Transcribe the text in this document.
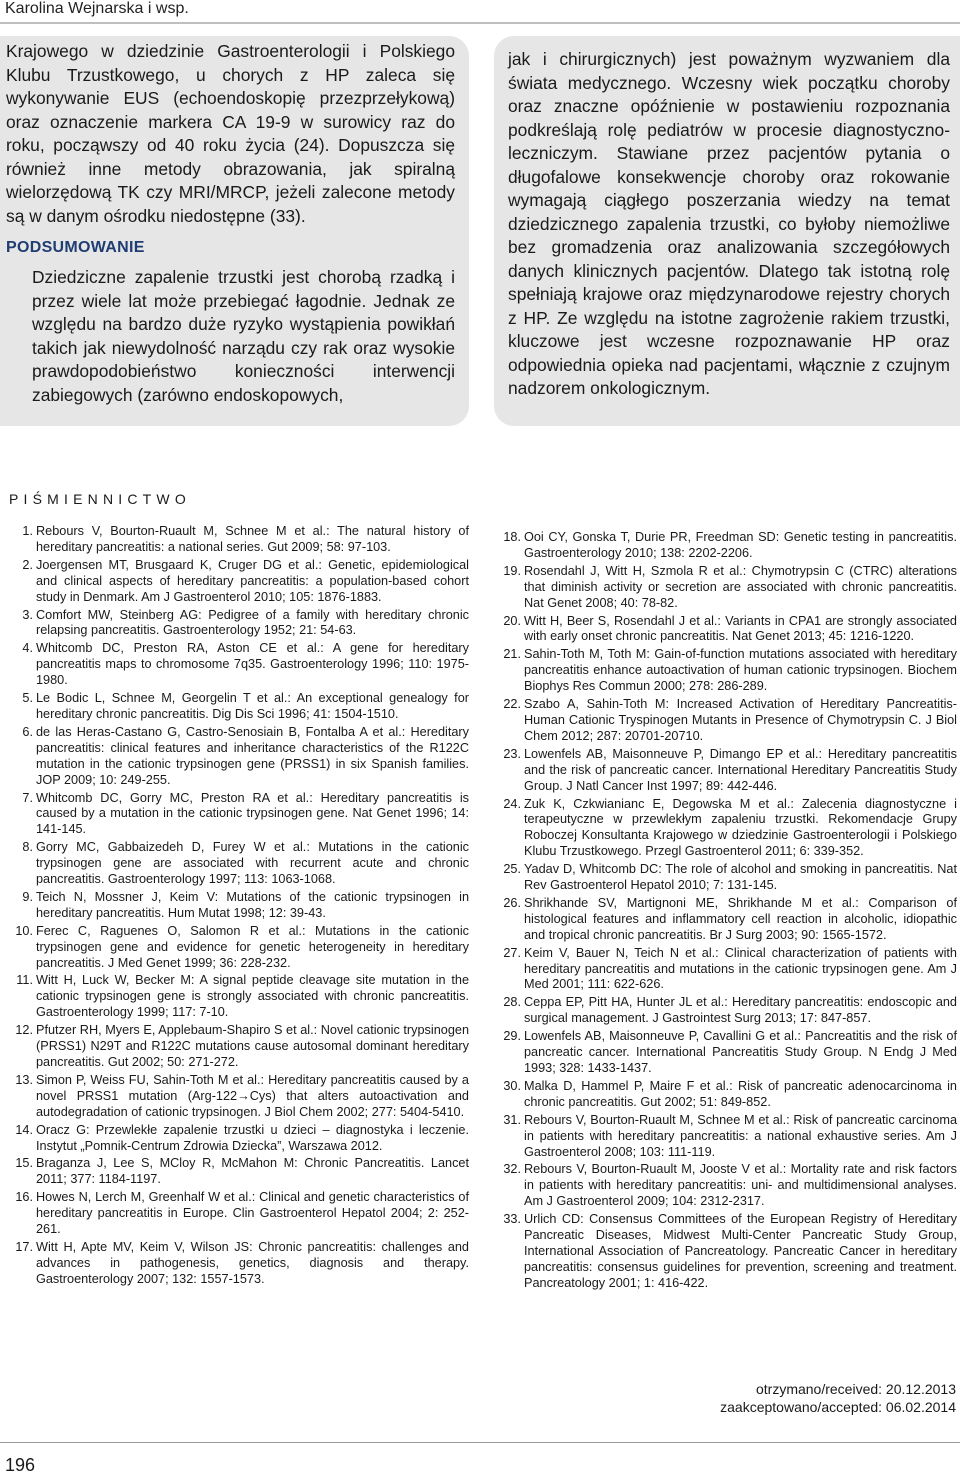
Karolina Wejnarska i wsp.

Krajowego w dziedzinie Gastroenterologii i Polskiego Klubu Trzustkowego, u chorych z HP zaleca się wykonywanie EUS (echoendoskopię przezprzełykową) oraz oznaczenie markera CA 19-9 w surowicy raz do roku, począwszy od 40 roku życia (24). Dopuszcza się również inne metody obrazowania, jak spiralną wielorzędową TK czy MRI/MRCP, jeżeli zalecone metody są w danym ośrodku niedostępne (33).

PODSUMOWANIE

Dziedziczne zapalenie trzustki jest chorobą rzadką i przez wiele lat może przebiegać łagodnie. Jednak ze względu na bardzo duże ryzyko wystąpienia powikłań takich jak niewydolność narządu czy rak oraz wysokie prawdopodobieństwo konieczności interwencji zabiegowych (zarówno endoskopowych,

jak i chirurgicznych) jest poważnym wyzwaniem dla świata medycznego. Wczesny wiek początku choroby oraz znaczne opóźnienie w postawieniu rozpoznania podkreślają rolę pediatrów w procesie diagnostyczno-leczniczym. Stawiane przez pacjentów pytania o długofalowe konsekwencje choroby oraz rokowanie wymagają ciągłego poszerzania wiedzy na temat dziedzicznego zapalenia trzustki, co byłoby niemożliwe bez gromadzenia oraz analizowania szczegółowych danych klinicznych pacjentów. Dlatego tak istotną rolę spełniają krajowe oraz międzynarodowe rejestry chorych z HP. Ze względu na istotne zagrożenie rakiem trzustki, kluczowe jest wczesne rozpoznawanie HP oraz odpowiednia opieka nad pacjentami, włącznie z czujnym nadzorem onkologicznym.

PIŚMIENNICTWO
1. Rebours V, Bourton-Ruault M, Schnee M et al.: The natural history of hereditary pancreatitis: a national series. Gut 2009; 58: 97-103.
2. Joergensen MT, Brusgaard K, Cruger DG et al.: Genetic, epidemiological and clinical aspects of hereditary pancreatitis: a population-based cohort study in Denmark. Am J Gastroenterol 2010; 105: 1876-1883.
3. Comfort MW, Steinberg AG: Pedigree of a family with hereditary chronic relapsing pancreatitis. Gastroenterology 1952; 21: 54-63.
4. Whitcomb DC, Preston RA, Aston CE et al.: A gene for hereditary pancreatitis maps to chromosome 7q35. Gastroenterology 1996; 110: 1975-1980.
5. Le Bodic L, Schnee M, Georgelin T et al.: An exceptional genealogy for hereditary chronic pancreatitis. Dig Dis Sci 1996; 41: 1504-1510.
6. de las Heras-Castano G, Castro-Senosiain B, Fontalba A et al.: Hereditary pancreatitis: clinical features and inheritance characteristics of the R122C mutation in the cationic trypsinogen gene (PRSS1) in six Spanish families. JOP 2009; 10: 249-255.
7. Whitcomb DC, Gorry MC, Preston RA et al.: Hereditary pancreatitis is caused by a mutation in the cationic trypsinogen gene. Nat Genet 1996; 14: 141-145.
8. Gorry MC, Gabbaizedeh D, Furey W et al.: Mutations in the cationic trypsinogen gene are associated with recurrent acute and chronic pancreatitis. Gastroenterology 1997; 113: 1063-1068.
9. Teich N, Mossner J, Keim V: Mutations of the cationic trypsinogen in hereditary pancreatitis. Hum Mutat 1998; 12: 39-43.
10. Ferec C, Raguenes O, Salomon R et al.: Mutations in the cationic trypsinogen gene and evidence for genetic heterogeneity in hereditary pancreatitis. J Med Genet 1999; 36: 228-232.
11. Witt H, Luck W, Becker M: A signal peptide cleavage site mutation in the cationic trypsinogen gene is strongly associated with chronic pancreatitis. Gastroenterology 1999; 117: 7-10.
12. Pfutzer RH, Myers E, Applebaum-Shapiro S et al.: Novel cationic trypsinogen (PRSS1) N29T and R122C mutations cause autosomal dominant hereditary pancreatitis. Gut 2002; 50: 271-272.
13. Simon P, Weiss FU, Sahin-Toth M et al.: Hereditary pancreatitis caused by a novel PRSS1 mutation (Arg-122→Cys) that alters autoactivation and autodegradation of cationic trypsinogen. J Biol Chem 2002; 277: 5404-5410.
14. Oracz G: Przewlekłe zapalenie trzustki u dzieci – diagnostyka i leczenie. Instytut „Pomnik-Centrum Zdrowia Dziecka”, Warszawa 2012.
15. Braganza J, Lee S, MCloy R, McMahon M: Chronic Pancreatitis. Lancet 2011; 377: 1184-1197.
16. Howes N, Lerch M, Greenhalf W et al.: Clinical and genetic characteristics of hereditary pancreatitis in Europe. Clin Gastroenterol Hepatol 2004; 2: 252-261.
17. Witt H, Apte MV, Keim V, Wilson JS: Chronic pancreatitis: challenges and advances in pathogenesis, genetics, diagnosis and therapy. Gastroenterology 2007; 132: 1557-1573.
18. Ooi CY, Gonska T, Durie PR, Freedman SD: Genetic testing in pancreatitis. Gastroenterology 2010; 138: 2202-2206.
19. Rosendahl J, Witt H, Szmola R et al.: Chymotrypsin C (CTRC) alterations that diminish activity or secretion are associated with chronic pancreatitis. Nat Genet 2008; 40: 78-82.
20. Witt H, Beer S, Rosendahl J et al.: Variants in CPA1 are strongly associated with early onset chronic pancreatitis. Nat Genet 2013; 45: 1216-1220.
21. Sahin-Toth M, Toth M: Gain-of-function mutations associated with hereditary pancreatitis enhance autoactivation of human cationic trypsinogen. Biochem Biophys Res Commun 2000; 278: 286-289.
22. Szabo A, Sahin-Toth M: Increased Activation of Hereditary Pancreatitis-Human Cationic Tryspinogen Mutants in Presence of Chymotrypsin C. J Biol Chem 2012; 287: 20701-20710.
23. Lowenfels AB, Maisonneuve P, Dimango EP et al.: Hereditary pancreatitis and the risk of pancreatic cancer. International Hereditary Pancreatitis Study Group. J Natl Cancer Inst 1997; 89: 442-446.
24. Zuk K, Czkwianianc E, Degowska M et al.: Zalecenia diagnostyczne i terapeutyczne w przewlekłym zapaleniu trzustki. Rekomendacje Grupy Roboczej Konsultanta Krajowego w dziedzinie Gastroenterologii i Polskiego Klubu Trzustkowego. Przegl Gastroenterol 2011; 6: 339-352.
25. Yadav D, Whitcomb DC: The role of alcohol and smoking in pancreatitis. Nat Rev Gastroenterol Hepatol 2010; 7: 131-145.
26. Shrikhande SV, Martignoni ME, Shrikhande M et al.: Comparison of histological features and inflammatory cell reaction in alcoholic, idiopathic and tropical chronic pancreatitis. Br J Surg 2003; 90: 1565-1572.
27. Keim V, Bauer N, Teich N et al.: Clinical characterization of patients with hereditary pancreatitis and mutations in the cationic trypsinogen gene. Am J Med 2001; 111: 622-626.
28. Ceppa EP, Pitt HA, Hunter JL et al.: Hereditary pancreatitis: endoscopic and surgical management. J Gastrointest Surg 2013; 17: 847-857.
29. Lowenfels AB, Maisonneuve P, Cavallini G et al.: Pancreatitis and the risk of pancreatic cancer. International Pancreatitis Study Group. N Endg J Med 1993; 328: 1433-1437.
30. Malka D, Hammel P, Maire F et al.: Risk of pancreatic adenocarcinoma in chronic pancreatitis. Gut 2002; 51: 849-852.
31. Rebours V, Bourton-Ruault M, Schnee M et al.: Risk of pancreatic carcinoma in patients with hereditary pancreatitis: a national exhaustive series. Am J Gastroenterol 2008; 103: 111-119.
32. Rebours V, Bourton-Ruault M, Jooste V et al.: Mortality rate and risk factors in patients with hereditary pancreatitis: uni- and multidimensional analyses. Am J Gastroenterol 2009; 104: 2312-2317.
33. Urlich CD: Consensus Committees of the European Registry of Hereditary Pancreatic Diseases, Midwest Multi-Center Pancreatic Study Group, International Association of Pancreatology. Pancreatic Cancer in hereditary pancreatitis: consensus guidelines for prevention, screening and treatment. Pancreatology 2001; 1: 416-422.
otrzymano/received: 20.12.2013
zaakceptowano/accepted: 06.02.2014
196
